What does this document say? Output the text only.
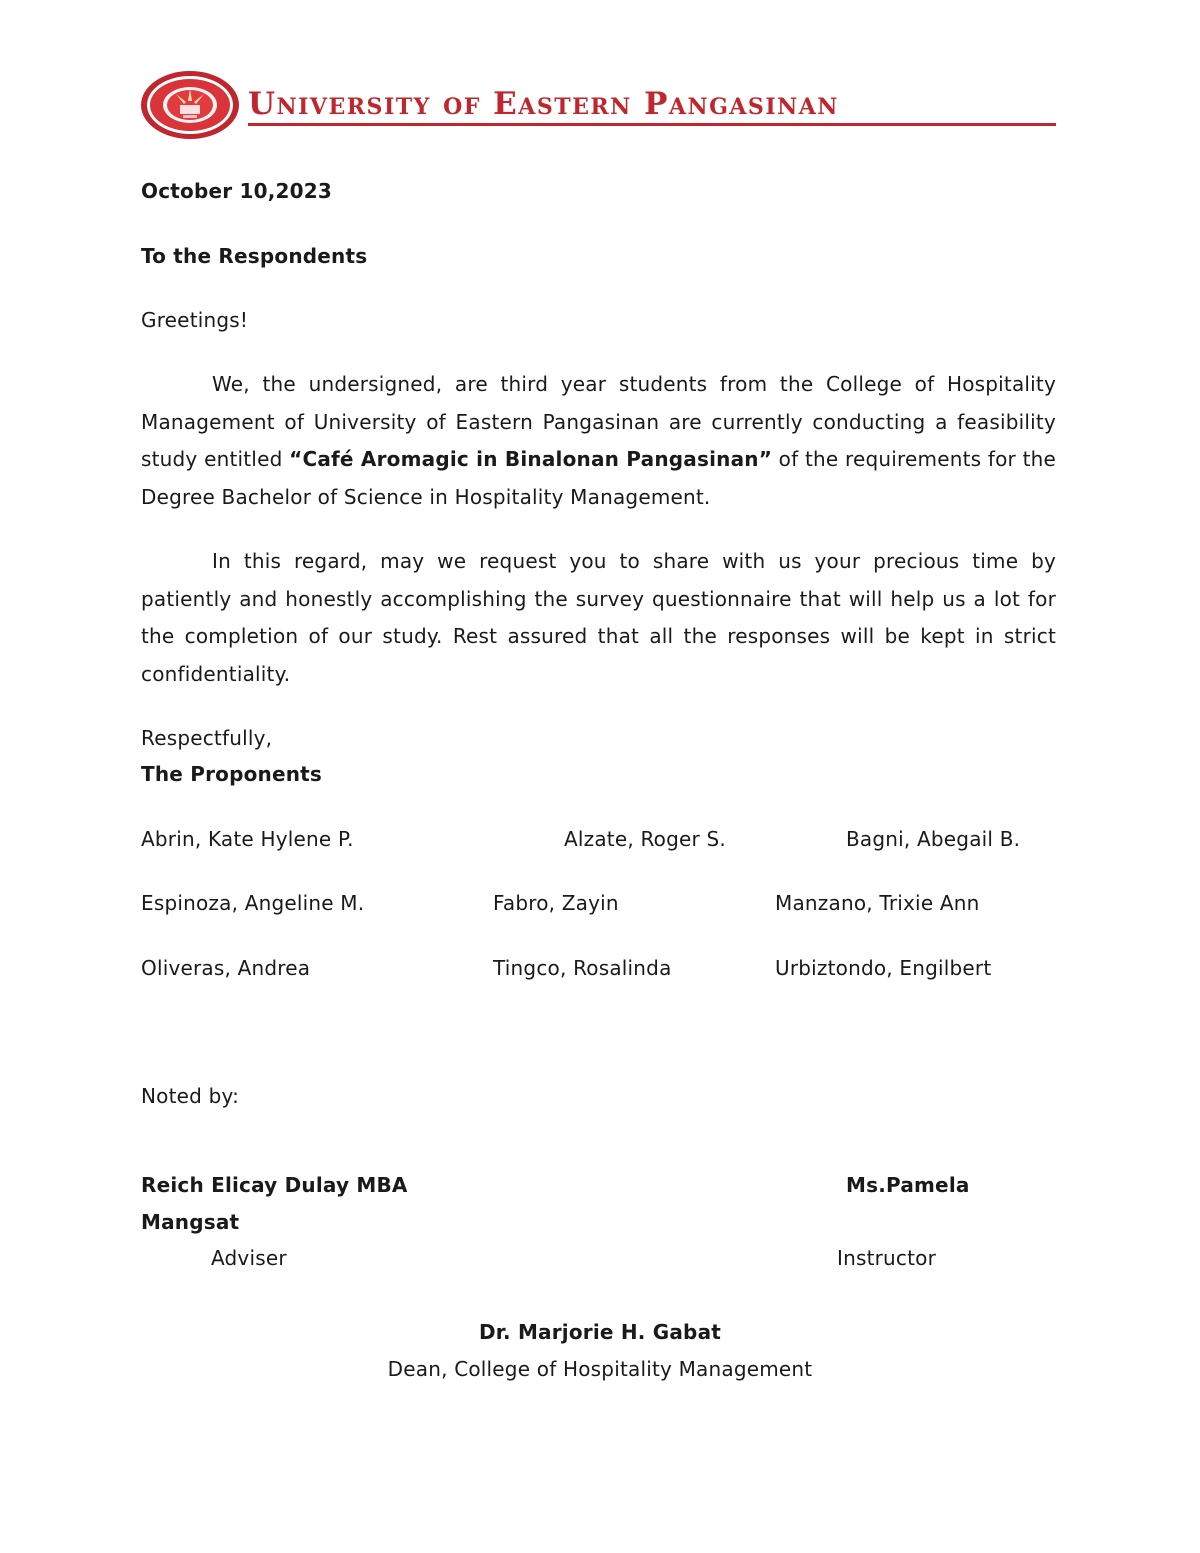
University of Eastern Pangasinan
October 10,2023
To the Respondents
Greetings!

We, the undersigned, are third year students from the College of Hospitality Management of University of Eastern Pangasinan are currently conducting a feasibility study entitled “Café Aromagic in Binalonan Pangasinan” of the requirements for the Degree Bachelor of Science in Hospitality Management.

In this regard, may we request you to share with us your precious time by patiently and honestly accomplishing the survey questionnaire that will help us a lot for the completion of our study. Rest assured that all the responses will be kept in strict confidentiality.

Respectfully,
The Proponents
Abrin, Kate Hylene P.	Alzate, Roger S.	Bagni, Abegail B.
Espinoza, Angeline M.	Fabro, Zayin	Manzano, Trixie Ann
Oliveras, Andrea	Tingco, Rosalinda	Urbiztondo, Engilbert
Noted by:
Reich Elicay Dulay MBA	Ms.Pamela
Mangsat
Adviser	Instructor
Dr. Marjorie H. Gabat
Dean, College of Hospitality Management
